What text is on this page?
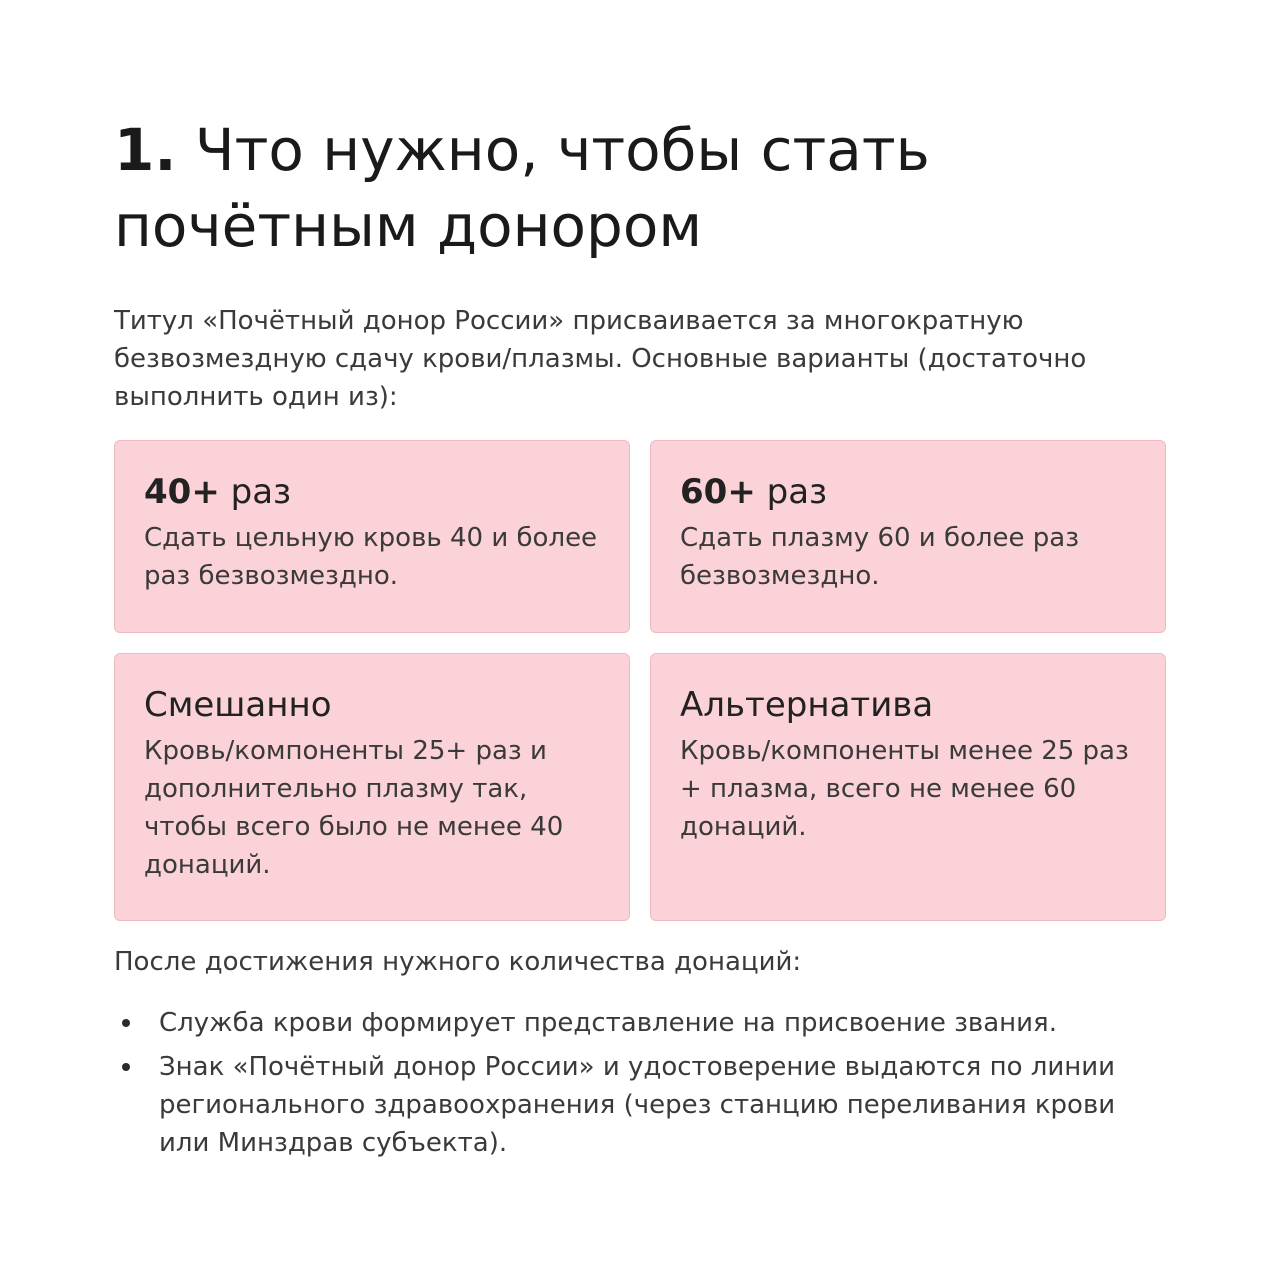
1. Что нужно, чтобы стать почётным донором

Титул «Почётный донор России» присваивается за многократную безвозмездную сдачу крови/плазмы. Основные варианты (достаточно выполнить один из):

40+ раз

Сдать цельную кровь 40 и более раз безвозмездно.

60+ раз

Сдать плазму 60 и более раз безвозмездно.

Смешанно

Кровь/компоненты 25+ раз и дополнительно плазму так, чтобы всего было не менее 40 донаций.

Альтернатива

Кровь/компоненты менее 25 раз + плазма, всего не менее 60 донаций.

После достижения нужного количества донаций:

Служба крови формирует представление на присвоение звания.
Знак «Почётный донор России» и удостоверение выдаются по линии регионального здравоохранения (через станцию переливания крови или Минздрав субъекта).
